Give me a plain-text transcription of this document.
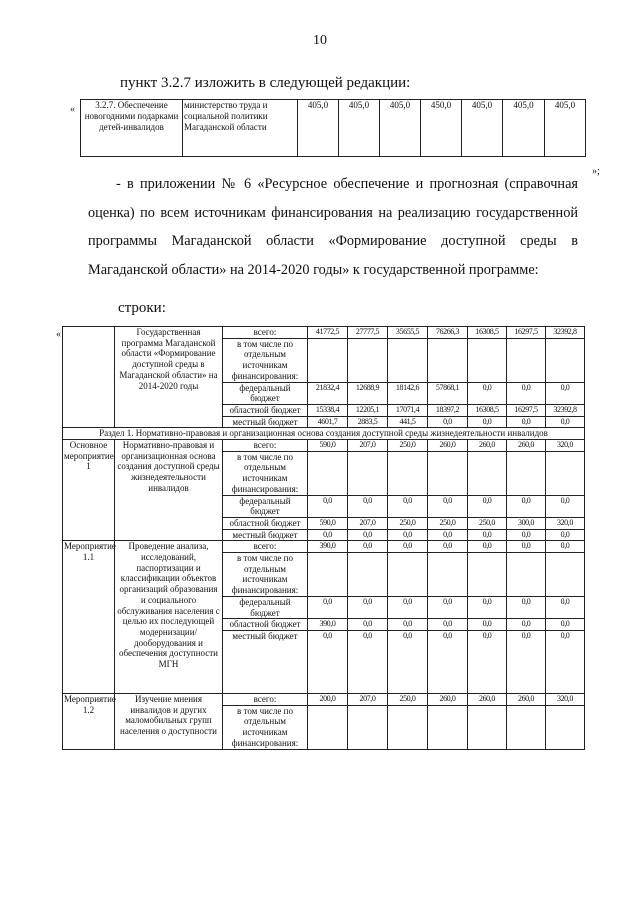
10
пункт 3.2.7 изложить в следующей редакции:
« 3.2.7. Обеспечение новогодними подарками детей-инвалидов	министерство труда и социальной политики Магаданской области	405,0	405,0	405,0	450,0	405,0	405,0	405,0
»;
- в приложении № 6 «Ресурсное обеспечение и прогнозная (справочная оценка) по всем источникам финансирования на реализацию государственной программы Магаданской области «Формирование доступной среды в Магаданской области» на 2014-2020 годы» к государственной программе:
строки:
«
		Государственная программа Магаданской области «Формирование доступной среды в Магаданской области» на 2014-2020 годы	всего:	41772,5	27777,5	35655,5	76266,3	16308,5	16297,5	32392,8
		в том числе по отдельным источникам финансирования:							
		федеральный бюджет	21832,4	12688,9	18142,6	57868,1	0,0	0,0	0,0
		областной бюджет	15338,4	12205,1	17071,4	18397,2	16308,5	16297,5	32392,8
		местный бюджет	4601,7	2883,5	441,5	0,0	0,0	0,0	0,0
Раздел 1. Нормативно-правовая и организационная основа создания доступной среды жизнедеятельности инвалидов									
Основное мероприятие 1	Нормативно-правовая и организационная основа создания доступной среды жизнедеятельности инвалидов	всего:	590,0	207,0	250,0	260,0	260,0	260,0	320,0
		в том числе по отдельным источникам финансирования:							
		федеральный бюджет	0,0	0,0	0,0	0,0	0,0	0,0	0,0
		областной бюджет	590,0	207,0	250,0	250,0	250,0	300,0	320,0
		местный бюджет	0,0	0,0	0,0	0,0	0,0	0,0	0,0
Мероприятие 1.1	Проведение анализа, исследований, паспортизации и классификации объектов организаций образования и социального обслуживания населения с целью их последующей модернизации/дооборудования и обеспечения доступности МГН	всего:	390,0	0,0	0,0	0,0	0,0	0,0	0,0
		в том числе по отдельным источникам финансирования:							
		федеральный бюджет	0,0	0,0	0,0	0,0	0,0	0,0	0,0
		областной бюджет	390,0	0,0	0,0	0,0	0,0	0,0	0,0
		местный бюджет	0,0	0,0	0,0	0,0	0,0	0,0	0,0
Мероприятие 1.2	Изучение мнения инвалидов и других маломобильных групп населения о доступности	всего:	200,0	207,0	250,0	260,0	260,0	260,0	320,0
		в том числе по отдельным источникам финансирования:							
